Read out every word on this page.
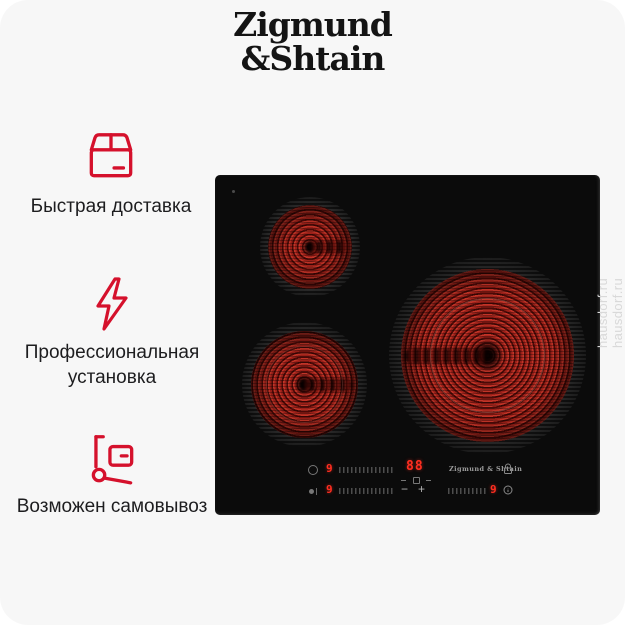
Zigmund
&Shtain
Быстрая доставка
Профессиональная установка
Возможен самовывоз
9	88	Zigmund & Shtain
9	− +	9
hausdorf.ru hausdorf.ru
